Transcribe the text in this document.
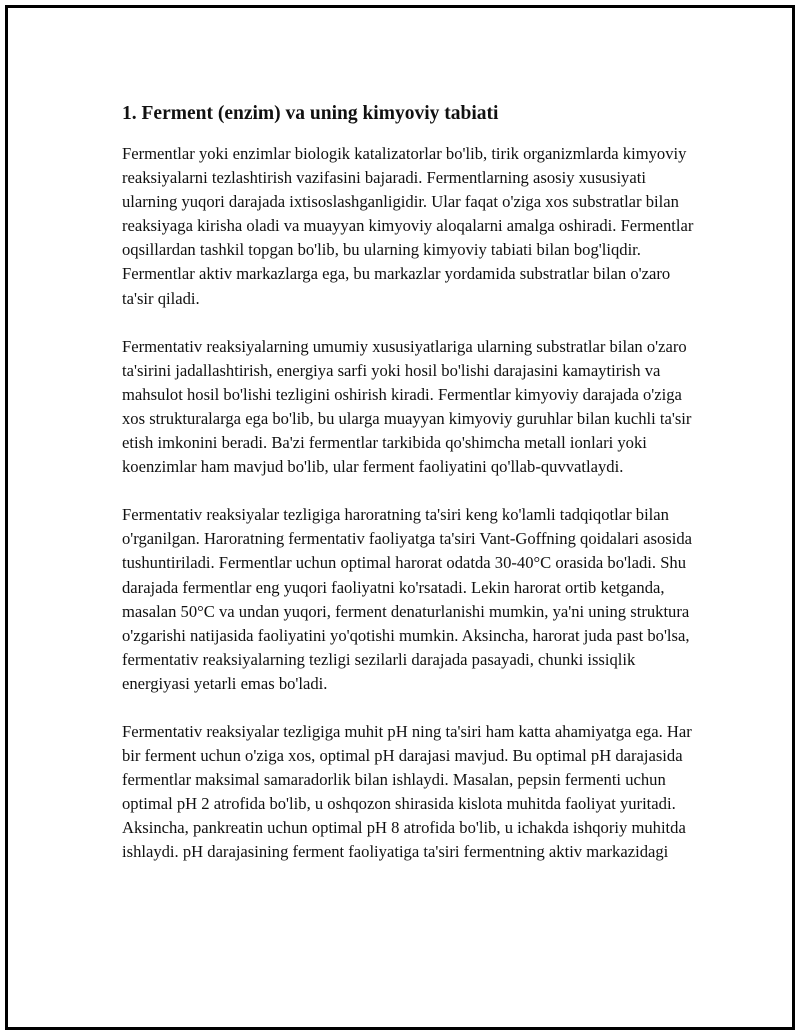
1. Ferment (enzim) va uning kimyoviy tabiati

Fermentlar yoki enzimlar biologik katalizatorlar bo'lib, tirik organizmlarda kimyoviy reaksiyalarni tezlashtirish vazifasini bajaradi. Fermentlarning asosiy xususiyati ularning yuqori darajada ixtisoslashganligidir. Ular faqat o'ziga xos substratlar bilan reaksiyaga kirisha oladi va muayyan kimyoviy aloqalarni amalga oshiradi. Fermentlar oqsillardan tashkil topgan bo'lib, bu ularning kimyoviy tabiati bilan bog'liqdir. Fermentlar aktiv markazlarga ega, bu markazlar yordamida substratlar bilan o'zaro ta'sir qiladi.

Fermentativ reaksiyalarning umumiy xususiyatlariga ularning substratlar bilan o'zaro ta'sirini jadallashtirish, energiya sarfi yoki hosil bo'lishi darajasini kamaytirish va mahsulot hosil bo'lishi tezligini oshirish kiradi. Fermentlar kimyoviy darajada o'ziga xos strukturalarga ega bo'lib, bu ularga muayyan kimyoviy guruhlar bilan kuchli ta'sir etish imkonini beradi. Ba'zi fermentlar tarkibida qo'shimcha metall ionlari yoki koenzimlar ham mavjud bo'lib, ular ferment faoliyatini qo'llab-quvvatlaydi.

Fermentativ reaksiyalar tezligiga haroratning ta'siri keng ko'lamli tadqiqotlar bilan o'rganilgan. Haroratning fermentativ faoliyatga ta'siri Vant-Goffning qoidalari asosida tushuntiriladi. Fermentlar uchun optimal harorat odatda 30-40°C orasida bo'ladi. Shu darajada fermentlar eng yuqori faoliyatni ko'rsatadi. Lekin harorat ortib ketganda, masalan 50°C va undan yuqori, ferment denaturlanishi mumkin, ya'ni uning struktura o'zgarishi natijasida faoliyatini yo'qotishi mumkin. Aksincha, harorat juda past bo'lsa, fermentativ reaksiyalarning tezligi sezilarli darajada pasayadi, chunki issiqlik energiyasi yetarli emas bo'ladi.

Fermentativ reaksiyalar tezligiga muhit pH ning ta'siri ham katta ahamiyatga ega. Har bir ferment uchun o'ziga xos, optimal pH darajasi mavjud. Bu optimal pH darajasida fermentlar maksimal samaradorlik bilan ishlaydi. Masalan, pepsin fermenti uchun optimal pH 2 atrofida bo'lib, u oshqozon shirasida kislota muhitda faoliyat yuritadi. Aksincha, pankreatin uchun optimal pH 8 atrofida bo'lib, u ichakda ishqoriy muhitda ishlaydi. pH darajasining ferment faoliyatiga ta'siri fermentning aktiv markazidagi
